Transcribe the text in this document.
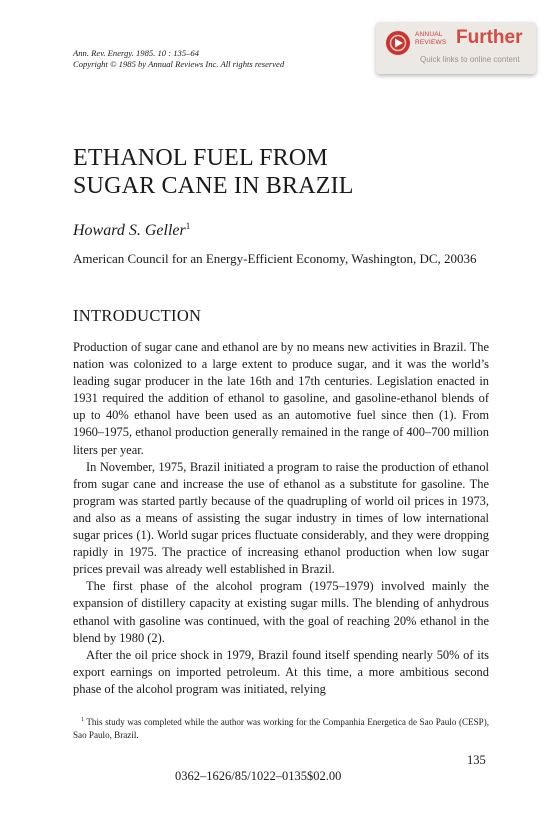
Ann. Rev. Energy. 1985. 10 : 135–64
Copyright © 1985 by Annual Reviews Inc. All rights reserved
ANNUAL
REVIEWS Further
Quick links to online content
ETHANOL FUEL FROM
SUGAR CANE IN BRAZIL
Howard S. Geller$^1$
American Council for an Energy-Efficient Economy, Washington, DC, 20036
INTRODUCTION

Production of sugar cane and ethanol are by no means new activities in Brazil. The nation was colonized to a large extent to produce sugar, and it was the world’s leading sugar producer in the late 16th and 17th centuries. Legislation enacted in 1931 required the addition of ethanol to gasoline, and gasoline-ethanol blends of up to 40% ethanol have been used as an automotive fuel since then (1). From 1960–1975, ethanol production generally remained in the range of 400–700 million liters per year.

In November, 1975, Brazil initiated a program to raise the production of ethanol from sugar cane and increase the use of ethanol as a substitute for gasoline. The program was started partly because of the quadrupling of world oil prices in 1973, and also as a means of assisting the sugar industry in times of low international sugar prices (1). World sugar prices fluctuate considerably, and they were dropping rapidly in 1975. The practice of increasing ethanol production when low sugar prices prevail was already well established in Brazil.

The first phase of the alcohol program (1975–1979) involved mainly the expansion of distillery capacity at existing sugar mills. The blending of anhydrous ethanol with gasoline was continued, with the goal of reaching 20% ethanol in the blend by 1980 (2).

After the oil price shock in 1979, Brazil found itself spending nearly 50% of its export earnings on imported petroleum. At this time, a more ambitious second phase of the alcohol program was initiated, relying

$^1$ This study was completed while the author was working for the Companhia Energetica de Sao Paulo (CESP), Sao Paulo, Brazil.
135
0362–1626/85/1022–0135$02.00
